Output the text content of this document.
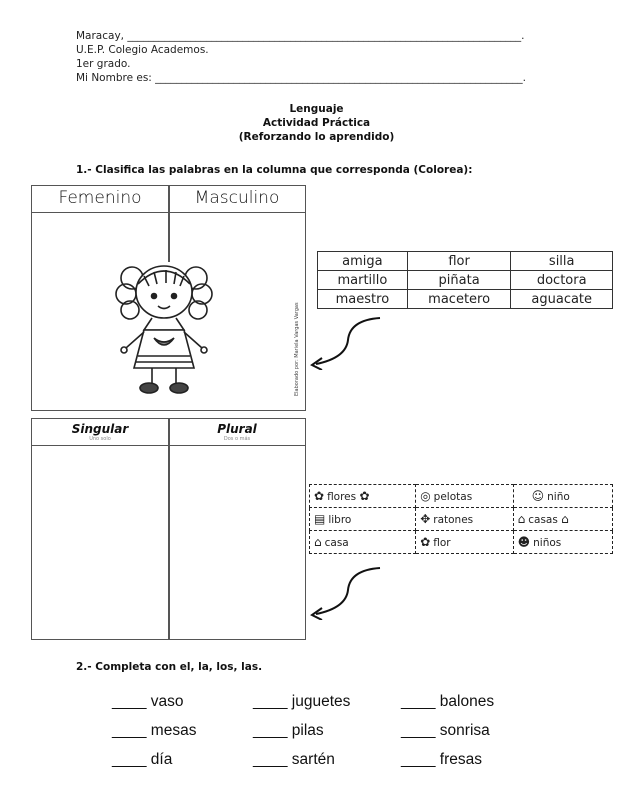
Maracay, ___________________________________________________________________________.
U.E.P. Colegio Academos.
1er grado.
Mi Nombre es: ______________________________________________________________________.
Lenguaje
Actividad Práctica
(Reforzando lo aprendido)
1.- Clasifica las palabras en la columna que corresponda (Colorea):
Femenino	Masculino
Elaborado por: Mariela Vargas Vargas
amiga	flor	silla
martillo	piñata	doctora
maestro	macetero	aguacate
Singular
Uno solo
Plural
Dos o más
✿ flores ✿	◎ pelotas	☺ niño
▤ libro	✥ ratones	⌂ casas ⌂
⌂ casa	✿ flor	☻ niños
2.- Completa con el, la, los, las.
____ vaso	____ juguetes	____ balones
____ mesas	____ pilas	____ sonrisa
____ día	____ sartén	____ fresas
